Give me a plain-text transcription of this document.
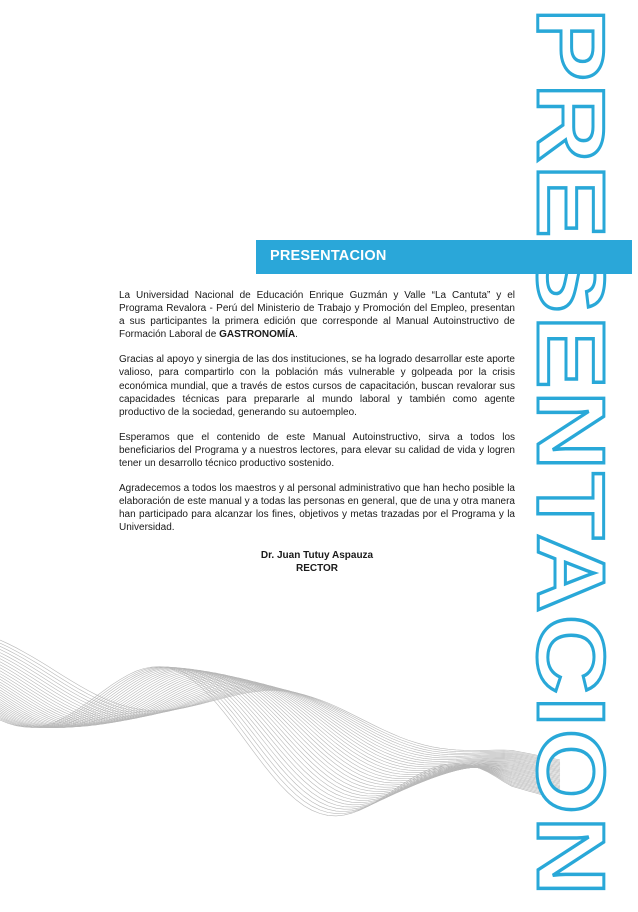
PRESENTACION
PRESENTACION

La Universidad Nacional de Educación Enrique Guzmán y Valle “La Cantuta” y el Programa Revalora - Perú del Ministerio de Trabajo y Promoción del Empleo, presentan a sus participantes la primera edición que corresponde al Manual Autoinstructivo de Formación Laboral de GASTRONOMÍA.

Gracias al apoyo y sinergia de las dos instituciones, se ha logrado desarrollar este aporte valioso, para compartirlo con la población más vulnerable y golpeada por la crisis económica mundial, que a través de estos cursos de capacitación, buscan revalorar sus capacidades técnicas para prepararle al mundo laboral y también como agente productivo de la sociedad, generando su autoempleo.

Esperamos que el contenido de este Manual Autoinstructivo, sirva a todos los beneficiarios del Programa y a nuestros lectores, para elevar su calidad de vida y logren tener un desarrollo técnico productivo sostenido.

Agradecemos a todos los maestros y al personal administrativo que han hecho posible la elaboración de este manual y a todas las personas en general, que de una y otra manera han participado para alcanzar los fines, objetivos y metas trazadas por el Programa y la Universidad.

Dr. Juan Tutuy Aspauza
RECTOR
